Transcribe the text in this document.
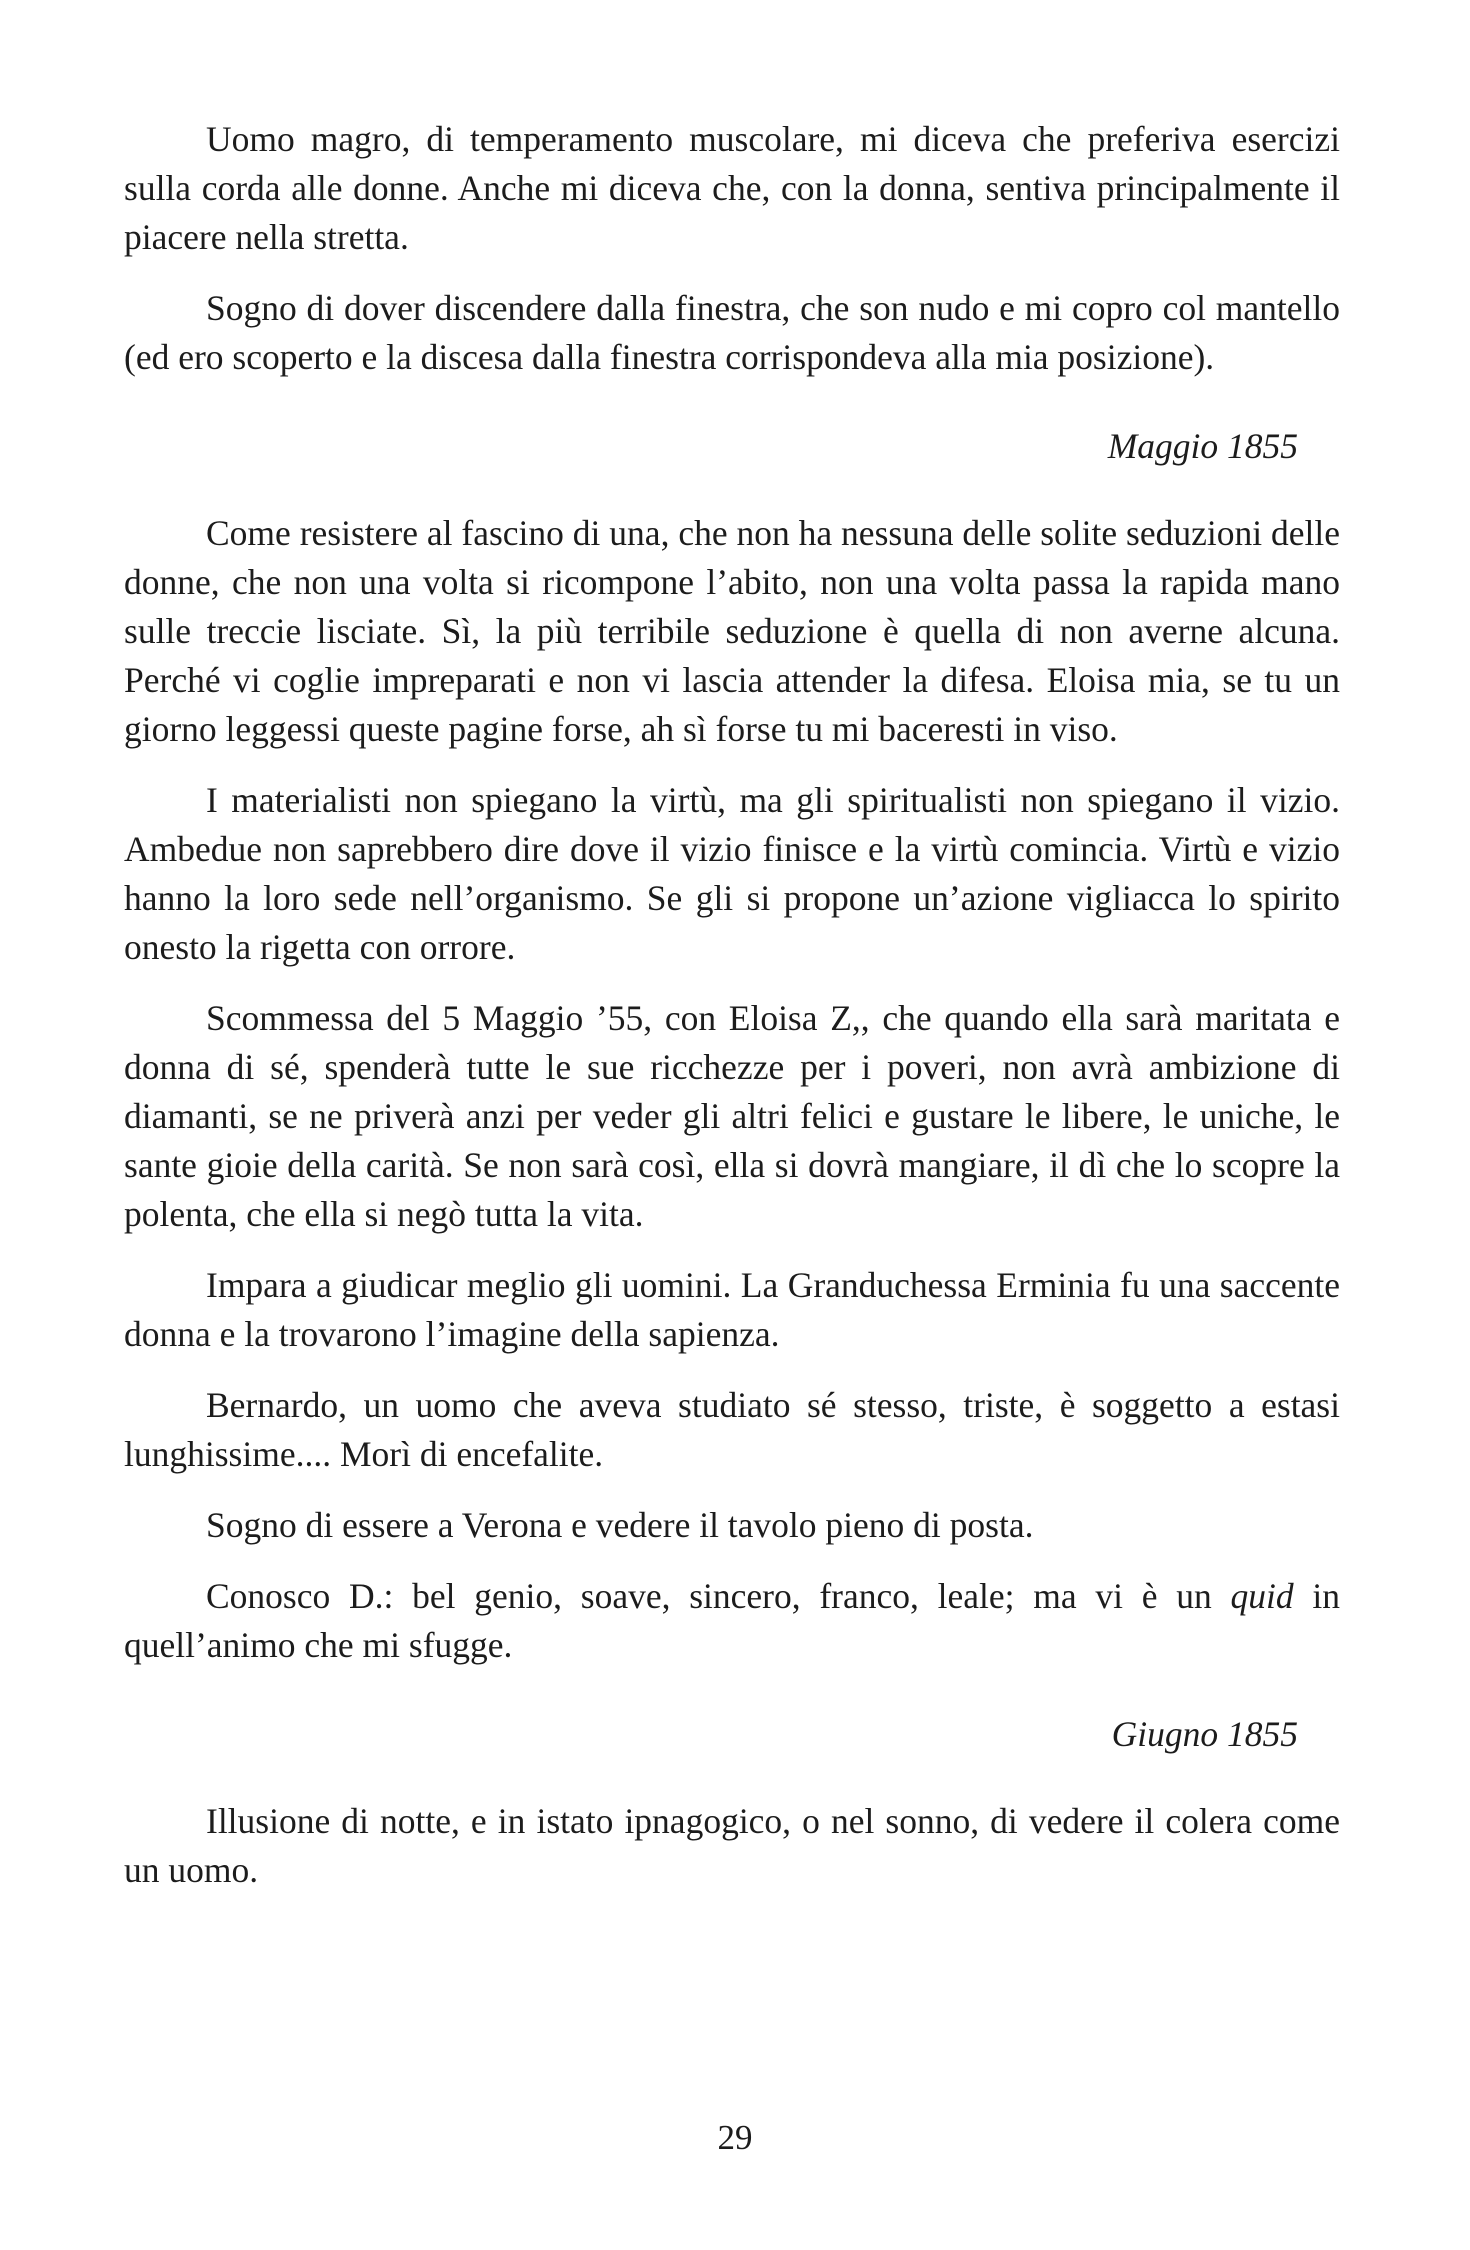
Uomo magro, di temperamento muscolare, mi diceva che preferiva esercizi sulla corda alle donne. Anche mi diceva che, con la donna, sentiva principalmente il piacere nella stretta.

Sogno di dover discendere dalla finestra, che son nudo e mi copro col mantello (ed ero scoperto e la discesa dalla finestra corrispondeva alla mia posizione).

Maggio 1855

Come resistere al fascino di una, che non ha nessuna delle solite seduzioni delle donne, che non una volta si ricompone l’abito, non una volta passa la rapida mano sulle treccie lisciate. Sì, la più terribile seduzione è quella di non averne alcuna. Perché vi coglie impreparati e non vi lascia attender la difesa. Eloisa mia, se tu un giorno leggessi queste pagine forse, ah sì forse tu mi baceresti in viso.

I materialisti non spiegano la virtù, ma gli spiritualisti non spiegano il vizio. Ambedue non saprebbero dire dove il vizio finisce e la virtù comincia. Virtù e vizio hanno la loro sede nell’organismo. Se gli si propone un’azione vigliacca lo spirito onesto la rigetta con orrore.

Scommessa del 5 Maggio ’55, con Eloisa Z,, che quando ella sarà maritata e donna di sé, spenderà tutte le sue ricchezze per i poveri, non avrà ambizione di diamanti, se ne priverà anzi per veder gli altri felici e gustare le libere, le uniche, le sante gioie della carità. Se non sarà così, ella si dovrà mangiare, il dì che lo scopre la polenta, che ella si negò tutta la vita.

Impara a giudicar meglio gli uomini. La Granduchessa Erminia fu una saccente donna e la trovarono l’imagine della sapienza.

Bernardo, un uomo che aveva studiato sé stesso, triste, è soggetto a estasi lunghissime.... Morì di encefalite.

Sogno di essere a Verona e vedere il tavolo pieno di posta.

Conosco D.: bel genio, soave, sincero, franco, leale; ma vi è un quid in quell’animo che mi sfugge.

Giugno 1855

Illusione di notte, e in istato ipnagogico, o nel sonno, di vedere il colera come un uomo.

29
